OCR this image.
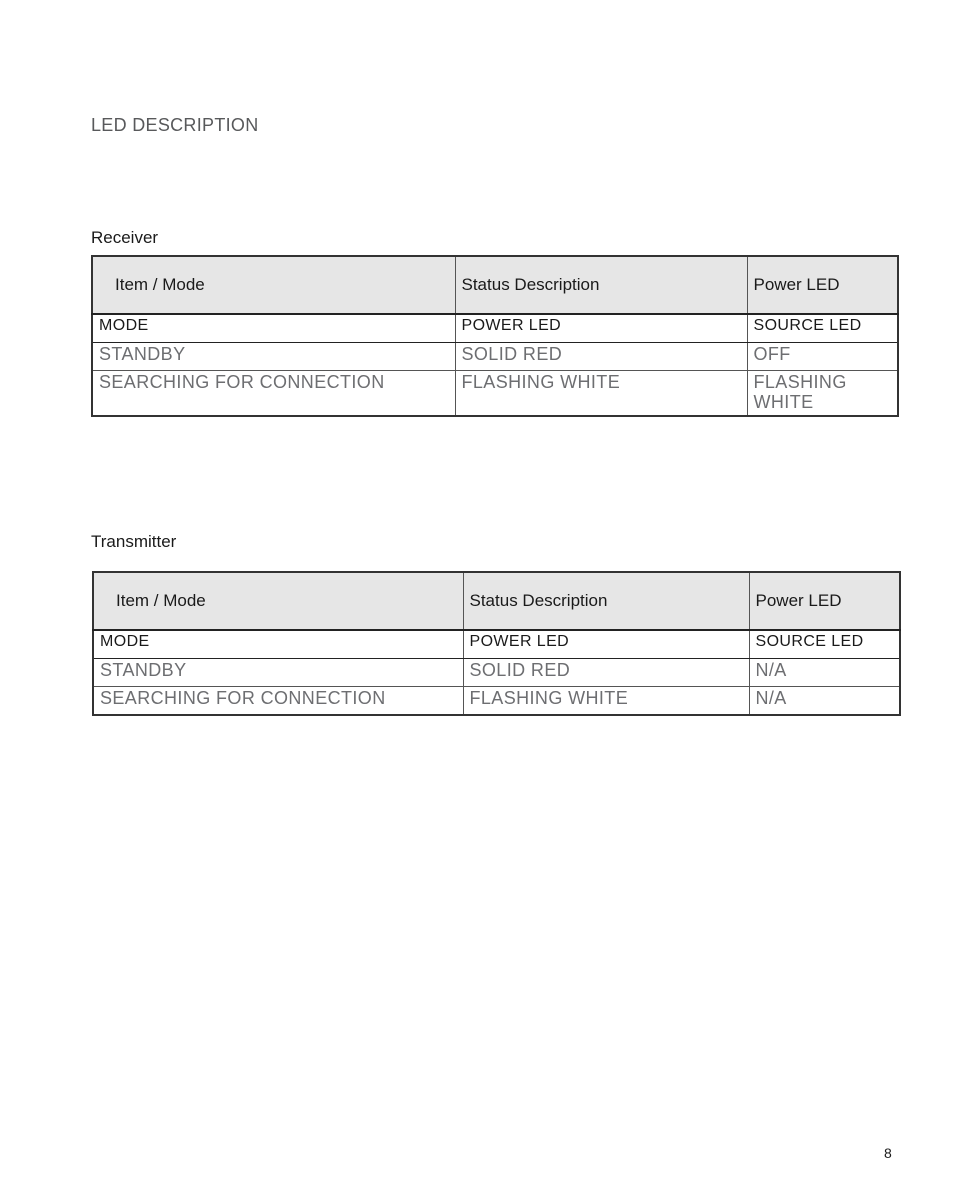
LED DESCRIPTION
Receiver
Item / Mode	Status Description	Power LED
MODE	POWER LED	SOURCE LED
STANDBY	SOLID RED	OFF
SEARCHING FOR CONNECTION	FLASHING WHITE	FLASHING WHITE
Transmitter
Item / Mode	Status Description	Power LED
MODE	POWER LED	SOURCE LED
STANDBY	SOLID RED	N/A
SEARCHING FOR CONNECTION	FLASHING WHITE	N/A
8
